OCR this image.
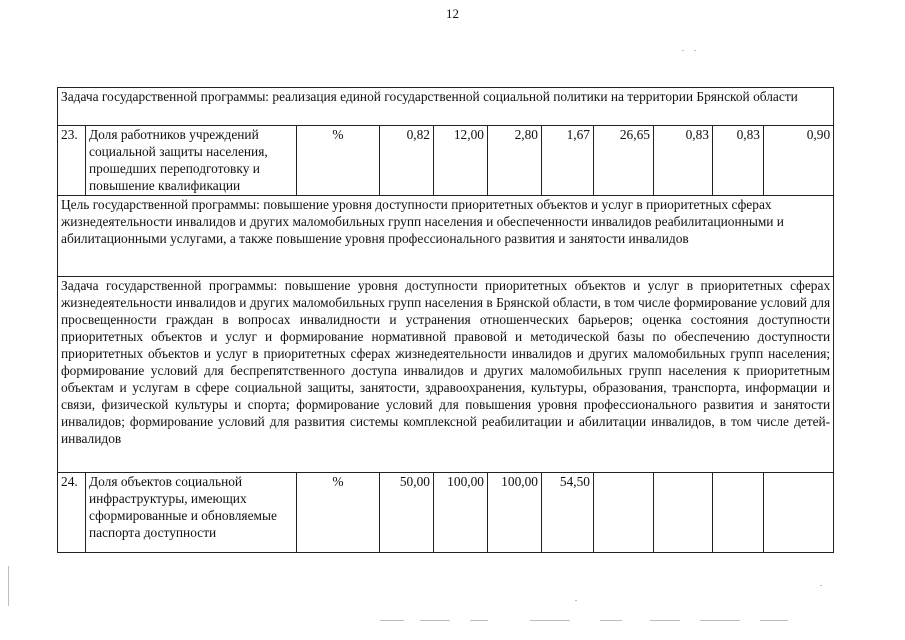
12
Задача государственной программы: реализация единой государственной социальной политики на территории Брянской области										
23.	Доля работников учреждений социальной защиты населения, прошедших переподготовку и повышение квалификации	%	0,82	12,00	2,80	1,67	26,65	0,83	0,83	0,90
Цель государственной программы: повышение уровня доступности приоритетных объектов и услуг в приоритетных сферах жизнедеятельности инвалидов и других маломобильных групп населения и обеспеченности инвалидов реабилитационными и абилитационными услугами, а также повышение уровня профессионального развития и занятости инвалидов										
Задача государственной программы: повышение уровня доступности приоритетных объектов и услуг в приоритетных сферах жизнедеятельности инвалидов и других маломобильных групп населения в Брянской области, в том числе формирование условий для просвещенности граждан в вопросах инвалидности и устранения отношенческих барьеров; оценка состояния доступности приоритетных объектов и услуг и формирование нормативной правовой и методической базы по обеспечению доступности приоритетных объектов и услуг в приоритетных сферах жизнедеятельности инвалидов и других маломобильных групп населения; формирование условий для беспрепятственного доступа инвалидов и других маломобильных групп населения к приоритетным объектам и услугам в сфере социальной защиты, занятости, здравоохранения, культуры, образования, транспорта, информации и связи, физической культуры и спорта; формирование условий для повышения уровня профессионального развития и занятости инвалидов; формирование условий для развития системы комплексной реабилитации и абилитации инвалидов, в том числе детей-инвалидов										
24.	Доля объектов социальной инфраструктуры, имеющих сформированные и обновляемые паспорта доступности	%	50,00	100,00	100,00	54,50				
